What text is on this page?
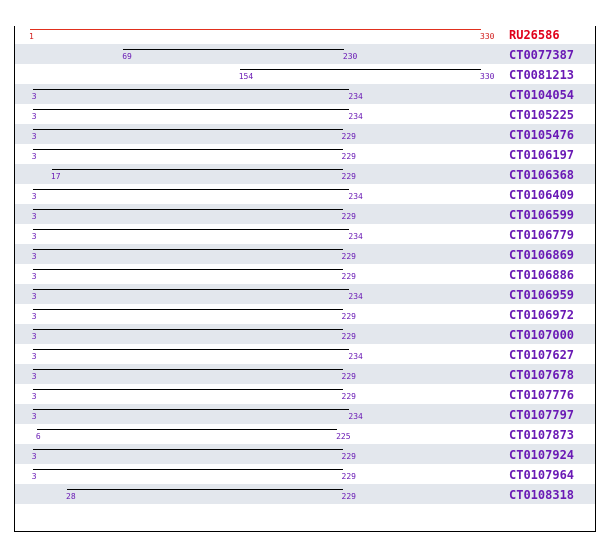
1	330 RU26586
69	230	CT0077387
154	330 CT0081213
3	234	CT0104054
3	234	CT0105225
3	229	CT0105476
3	229	CT0106197
17	229	CT0106368
3	234	CT0106409
3	229	CT0106599
3	234	CT0106779
3	229	CT0106869
3	229	CT0106886
3	234	CT0106959
3	229	CT0106972
3	229	CT0107000
3	234	CT0107627
3	229	CT0107678
3	229	CT0107776
3	234	CT0107797
6	225	CT0107873
3	229	CT0107924
3	229	CT0107964
28	229	CT0108318
